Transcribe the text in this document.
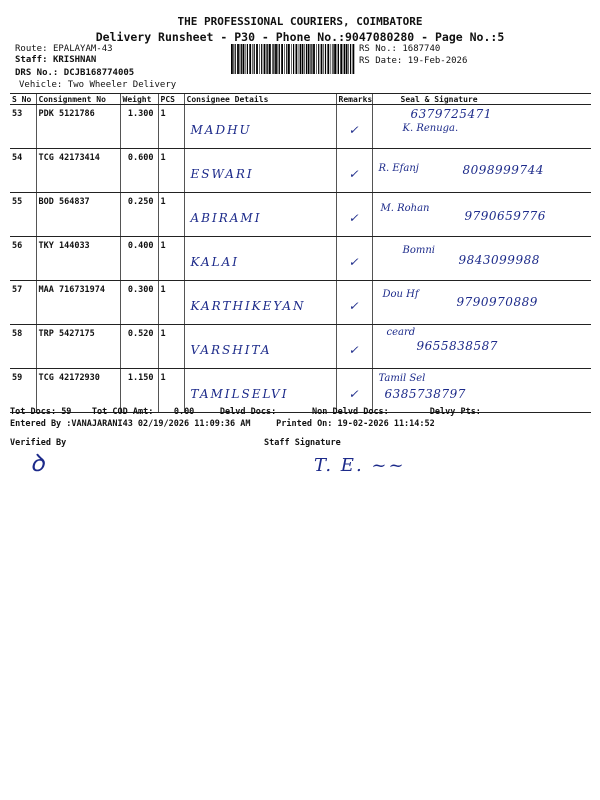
THE PROFESSIONAL COURIERS, COIMBATORE
Delivery Runsheet - P30 - Phone No.:9047080280 - Page No.:5
Route: EPALAYAM-43
Staff: KRISHNAN
DRS No.: DCJB168774005
Vehicle: Two Wheeler Delivery
RS No.: 1687740
RS Date: 19-Feb-2026
S No	Consignment No	Weight	PCS	Consignee Details	Remarks	Seal & Signature
53	PDK 5121786	1.300	1	MADHU	✓	K. Renuga.
6379725471

54	TCG 42173414	0.600	1	ESWARI	✓	R. Efanj 8098999744

55	BOD 564837	0.250	1	ABIRAMI	✓	M. Rohan
9790659776

56	TKY 144033	0.400	1	KALAI	✓	Bomni
9843099988

57	MAA 716731974	0.300	1	KARTHIKEYAN	✓	Dou Hf
9790970889

58	TRP 5427175	0.520	1	VARSHITA	✓	ceard
9655838587

59	TCG 42172930	1.150	1	TAMILSELVI	✓	Tamil Sel
6385738797
Tot Docs: 59 Tot COD Amt: 0.00	Delvd Docs:	Non Delvd Docs:	Delvy Pts:
Entered By :VANAJARANI43 02/19/2026 11:09:36 AM	Printed On: 19-02-2026 11:14:52
Verified By	Staff Signature
ꝺ	T. E. ~~
